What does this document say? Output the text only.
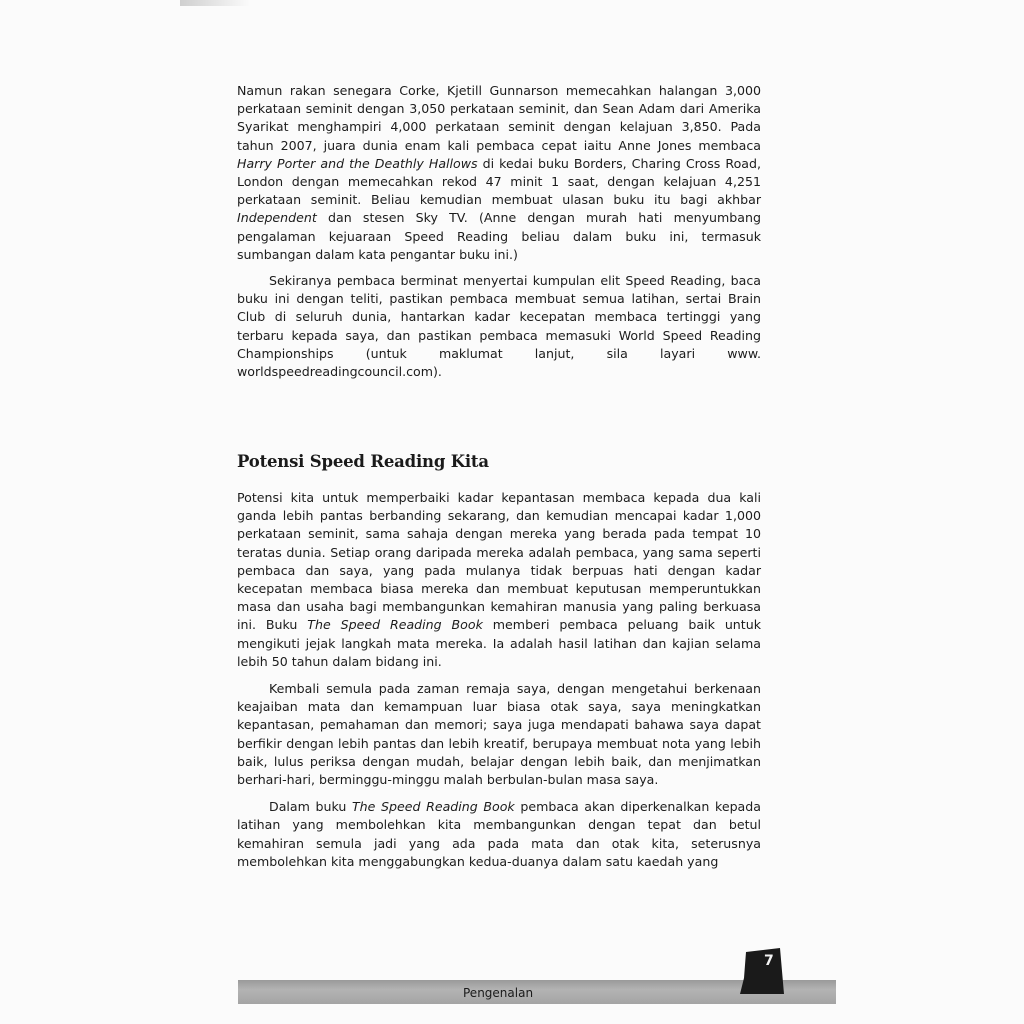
Namun rakan senegara Corke, Kjetill Gunnarson memecahkan halangan 3,000 perkataan seminit dengan 3,050 perkataan seminit, dan Sean Adam dari Amerika Syarikat menghampiri 4,000 perkataan seminit dengan kelajuan 3,850. Pada tahun 2007, juara dunia enam kali pembaca cepat iaitu Anne Jones membaca Harry Porter and the Deathly Hallows di kedai buku Borders, Charing Cross Road, London dengan memecahkan rekod 47 minit 1 saat, dengan kelajuan 4,251 perkataan seminit. Beliau kemudian membuat ulasan buku itu bagi akhbar Independent dan stesen Sky TV. (Anne dengan murah hati menyumbang pengalaman kejuaraan Speed Reading beliau dalam buku ini, termasuk sumbangan dalam kata pengantar buku ini.)

Sekiranya pembaca berminat menyertai kumpulan elit Speed Reading, baca buku ini dengan teliti, pastikan pembaca membuat semua latihan, sertai Brain Club di seluruh dunia, hantarkan kadar kecepatan membaca tertinggi yang terbaru kepada saya, dan pastikan pembaca memasuki World Speed Reading Championships (untuk maklumat lanjut, sila layari www. worldspeedreadingcouncil.com).

Potensi Speed Reading Kita

Potensi kita untuk memperbaiki kadar kepantasan membaca kepada dua kali ganda lebih pantas berbanding sekarang, dan kemudian mencapai kadar 1,000 perkataan seminit, sama sahaja dengan mereka yang berada pada tempat 10 teratas dunia. Setiap orang daripada mereka adalah pembaca, yang sama seperti pembaca dan saya, yang pada mulanya tidak berpuas hati dengan kadar kecepatan membaca biasa mereka dan membuat keputusan memperuntukkan masa dan usaha bagi membangunkan kemahiran manusia yang paling berkuasa ini. Buku The Speed Reading Book memberi pembaca peluang baik untuk mengikuti jejak langkah mata mereka. Ia adalah hasil latihan dan kajian selama lebih 50 tahun dalam bidang ini.

Kembali semula pada zaman remaja saya, dengan mengetahui berkenaan keajaiban mata dan kemampuan luar biasa otak saya, saya meningkatkan kepantasan, pemahaman dan memori; saya juga mendapati bahawa saya dapat berfikir dengan lebih pantas dan lebih kreatif, berupaya membuat nota yang lebih baik, lulus periksa dengan mudah, belajar dengan lebih baik, dan menjimatkan berhari-hari, berminggu-minggu malah berbulan-bulan masa saya.

Dalam buku The Speed Reading Book pembaca akan diperkenalkan kepada latihan yang membolehkan kita membangunkan dengan tepat dan betul kemahiran semula jadi yang ada pada mata dan otak kita, seterusnya membolehkan kita menggabungkan kedua-duanya dalam satu kaedah yang

Pengenalan
7
